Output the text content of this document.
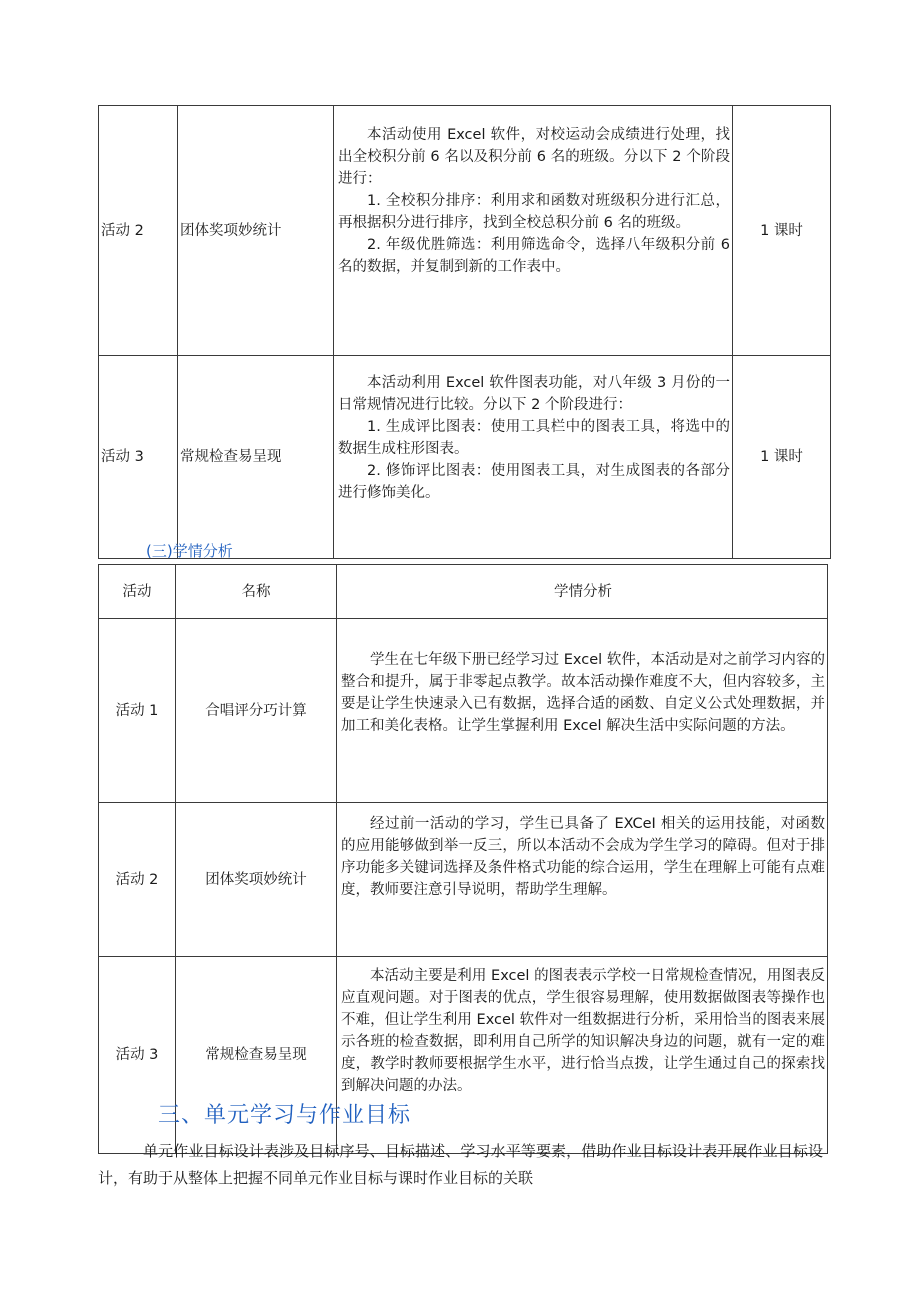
活动 2	团体奖项妙统计	本活动使用 Excel 软件，对校运动会成绩进行处理，找出全校积分前 6 名以及积分前 6 名的班级。分以下 2 个阶段进行：

1. 全校积分排序：利用求和函数对班级积分进行汇总，再根据积分进行排序，找到全校总积分前 6 名的班级。

2. 年级优胜筛选：利用筛选命令，选择八年级积分前 6 名的数据，并复制到新的工作表中。	1 课时
活动 3	常规检查易呈现	本活动利用 Excel 软件图表功能，对八年级 3 月份的一日常规情况进行比较。分以下 2 个阶段进行：

1. 生成评比图表：使用工具栏中的图表工具，将选中的数据生成柱形图表。

2. 修饰评比图表：使用图表工具，对生成图表的各部分进行修饰美化。	1 课时
(三)学情分析
活动	名称	学情分析
活动 1	合唱评分巧计算	学生在七年级下册已经学习过 Excel 软件，本活动是对之前学习内容的整合和提升，属于非零起点教学。故本活动操作难度不大，但内容较多，主要是让学生快速录入已有数据，选择合适的函数、自定义公式处理数据，并加工和美化表格。让学生掌握利用 Excel 解决生活中实际问题的方法。

活动 2	团体奖项妙统计	经过前一活动的学习，学生已具备了 EXCeI 相关的运用技能，对函数的应用能够做到举一反三，所以本活动不会成为学生学习的障碍。但对于排序功能多关键词选择及条件格式功能的综合运用，学生在理解上可能有点难度，教师要注意引导说明，帮助学生理解。

活动 3	常规检查易呈现	本活动主要是利用 Excel 的图表表示学校一日常规检查情况，用图表反应直观问题。对于图表的优点，学生很容易理解，使用数据做图表等操作也不难，但让学生利用 Excel 软件对一组数据进行分析，采用恰当的图表来展示各班的检查数据，即利用自己所学的知识解决身边的问题，就有一定的难度，教学时教师要根据学生水平，进行恰当点拨，让学生通过自己的探索找到解决问题的办法。

三、单元学习与作业目标

单元作业目标设计表涉及目标序号、目标描述、学习水平等要素，借助作业目标设计表开展作业目标设计，有助于从整体上把握不同单元作业目标与课时作业目标的关联
